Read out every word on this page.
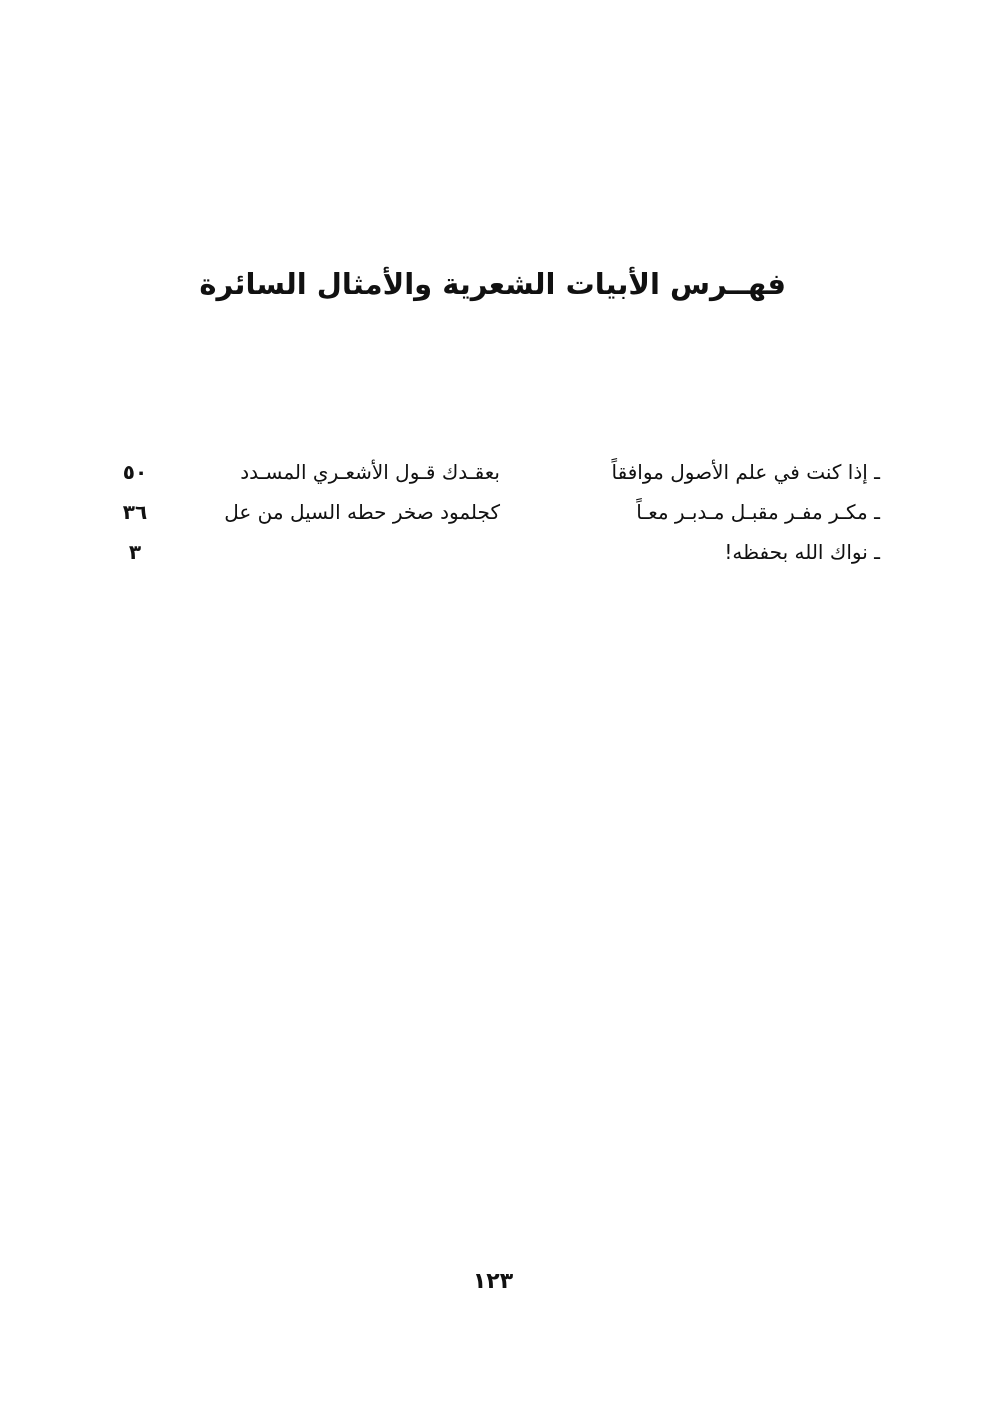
فهــرس الأبيات الشعرية والأمثال السائرة
ـ إذا كنت في علم الأصول موافقاً
بعقـدك قـول الأشعـري المسـدد
٥٠
ـ مكـر مفـر مقبـل مـدبـر معـاً
كجلمود صخر حطه السيل من عل
٣٦
ـ نواك الله بحفظه!
٣
١٢٣
